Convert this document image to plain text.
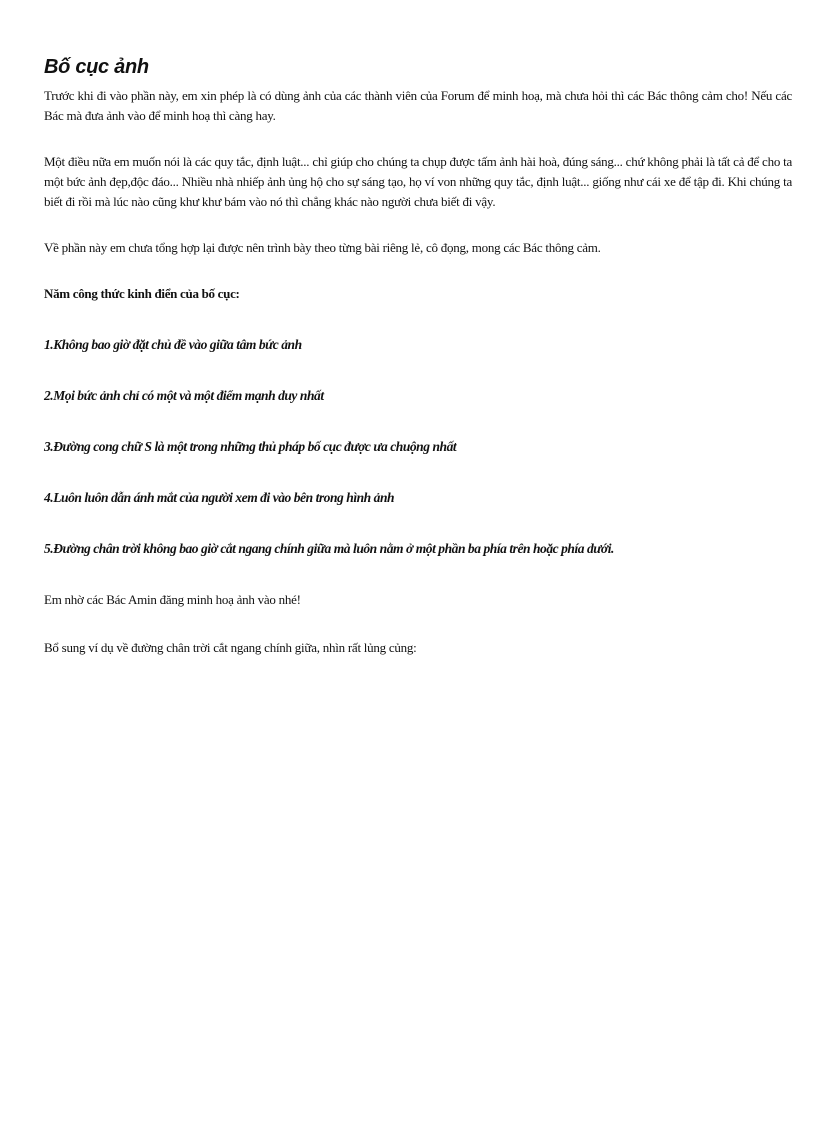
Bố cục ảnh

Trước khi đi vào phần này, em xin phép là có dùng ảnh của các thành viên của Forum để minh hoạ, mà chưa hỏi thì các Bác thông cảm cho! Nếu các Bác mà đưa ảnh vào để minh hoạ thì càng hay.

Một điều nữa em muốn nói là các quy tắc, định luật... chỉ giúp cho chúng ta chụp được tấm ảnh hài hoà, đúng sáng... chứ không phải là tất cả để cho ta một bức ảnh đẹp,độc đáo... Nhiều nhà nhiếp ảnh ủng hộ cho sự sáng tạo, họ ví von những quy tắc, định luật... giống như cái xe để tập đi. Khi chúng ta biết đi rồi mà lúc nào cũng khư khư bám vào nó thì chẳng khác nào người chưa biết đi vậy.

Về phần này em chưa tổng hợp lại được nên trình bày theo từng bài riêng lẻ, cô đọng, mong các Bác thông cảm.

Năm công thức kinh điển của bố cục:
1.Không bao giờ đặt chủ đề vào giữa tâm bức ảnh
2.Mọi bức ảnh chỉ có một và một điểm mạnh duy nhất
3.Đường cong chữ S là một trong những thủ pháp bố cục được ưa chuộng nhất
4.Luôn luôn dẫn ánh mắt của người xem đi vào bên trong hình ảnh
5.Đường chân trời không bao giờ cắt ngang chính giữa mà luôn nằm ở một phần ba phía trên hoặc phía dưới.

Em nhờ các Bác Amin đăng minh hoạ ảnh vào nhé!

Bổ sung ví dụ về đường chân trời cắt ngang chính giữa, nhìn rất lủng củng:
